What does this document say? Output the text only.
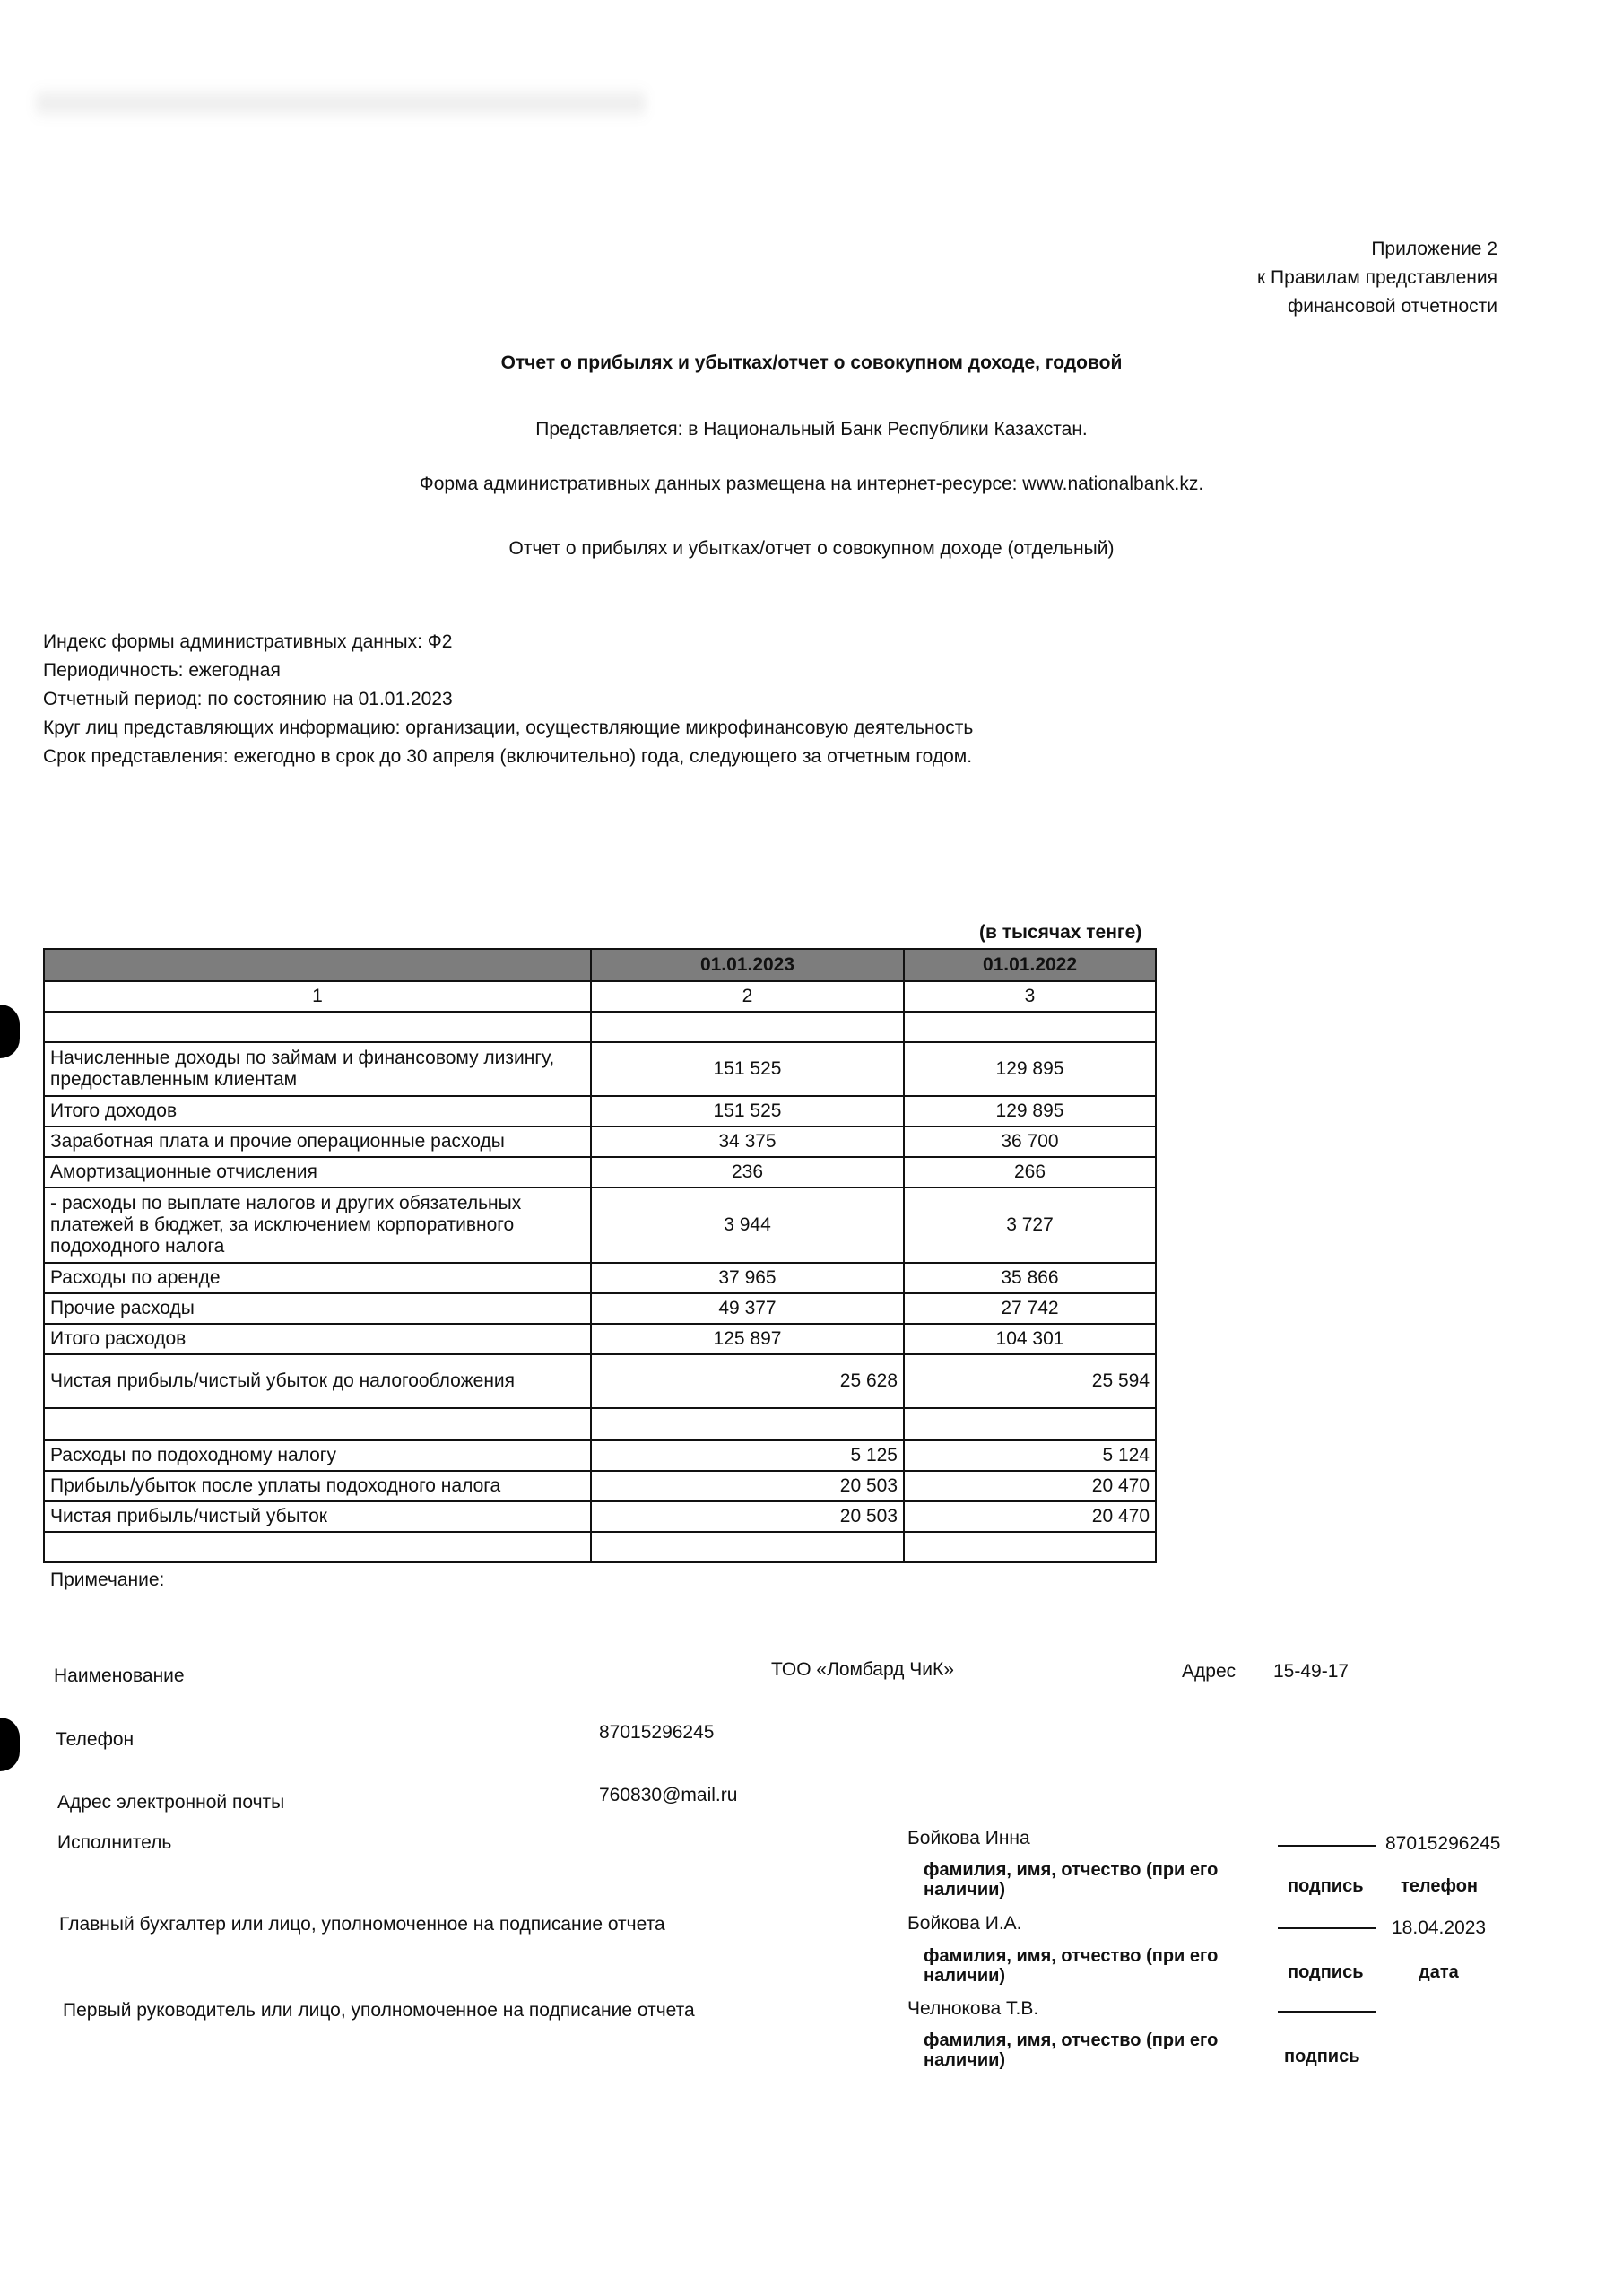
Приложение 2
к Правилам представления
финансовой отчетности
Отчет о прибылях и убытках/отчет о совокупном доходе, годовой
Представляется: в Национальный Банк Республики Казахстан.
Форма административных данных размещена на интернет-ресурсе: www.nationalbank.kz.
Отчет о прибылях и убытках/отчет о совокупном доходе (отдельный)
Индекс формы административных данных: Ф2
Периодичность: ежегодная
Отчетный период: по состоянию на 01.01.2023
Круг лиц представляющих информацию: организации, осуществляющие микрофинансовую деятельность
Срок представления: ежегодно в срок до 30 апреля (включительно) года, следующего за отчетным годом.
(в тысячах тенге)
	01.01.2023	01.01.2022
1	2	3

Начисленные доходы по займам и финансовому лизингу, предоставленным клиентам	151 525	129 895
Итого доходов	151 525	129 895
Заработная плата и прочие операционные расходы	34 375	36 700
Амортизационные отчисления	236	266
- расходы по выплате налогов и других обязательных платежей в бюджет, за исключением корпоративного подоходного налога	3 944	3 727
Расходы по аренде	37 965	35 866
Прочие расходы	49 377	27 742
Итого расходов	125 897	104 301
Чистая прибыль/чистый убыток до налогообложения	25 628	25 594

Расходы по подоходному налогу	5 125	5 124
Прибыль/убыток после уплаты подоходного налога	20 503	20 470
Чистая прибыль/чистый убыток	20 503	20 470

Примечание:
Наименование	ТОО «Ломбард ЧиК»	Адрес 15-49-17
Телефон	87015296245
Адрес электронной почты	760830@mail.ru
Исполнитель	Бойкова Инна	87015296245
фамилия, имя, отчество (при его наличии)	подпись телефон
Главный бухгалтер или лицо, уполномоченное на подписание отчета	Бойкова И.А.	18.04.2023
фамилия, имя, отчество (при его наличии)	подпись	дата
Первый руководитель или лицо, уполномоченное на подписание отчета	Челнокова Т.В.
фамилия, имя, отчество (при его наличии)	подпись
